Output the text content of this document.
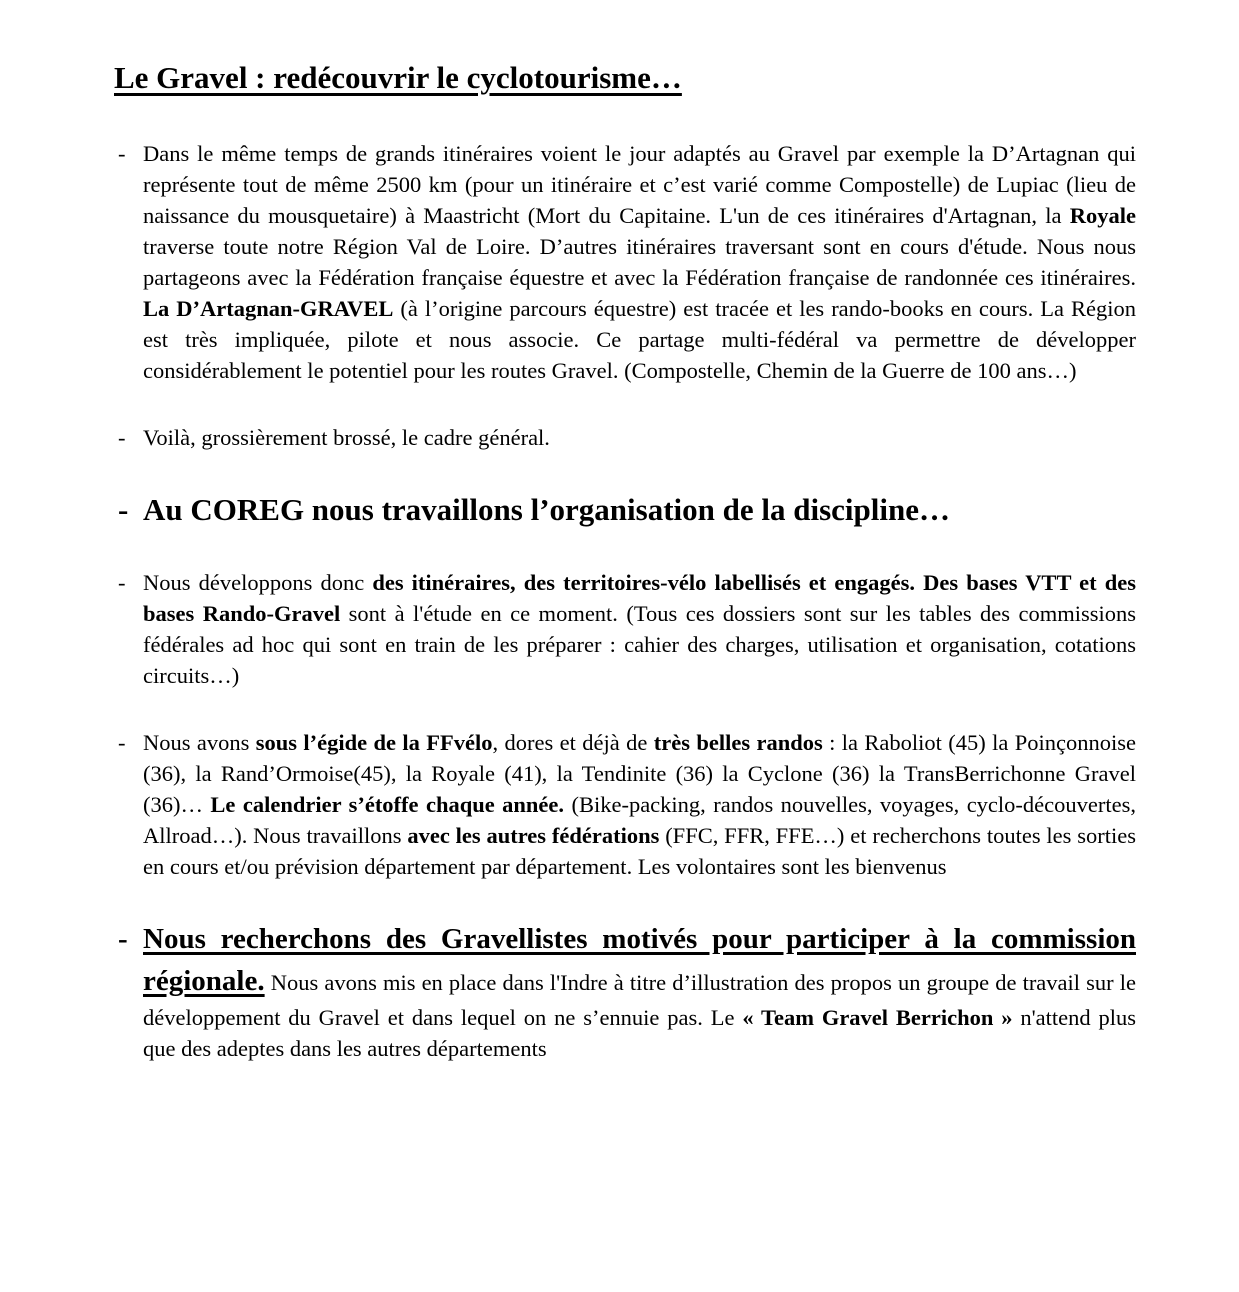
Le Gravel : redécouvrir le cyclotourisme…
- Dans le même temps de grands itinéraires voient le jour adaptés au Gravel par exemple la D’Artagnan qui représente tout de même 2500 km (pour un itinéraire et c’est varié comme Compostelle) de Lupiac (lieu de naissance du mousquetaire) à Maastricht (Mort du Capitaine. L'un de ces itinéraires d'Artagnan, la Royale traverse toute notre Région Val de Loire. D’autres itinéraires traversant sont en cours d'étude. Nous nous partageons avec la Fédération française équestre et avec la Fédération française de randonnée ces itinéraires. La D’Artagnan-GRAVEL (à l’origine parcours équestre) est tracée et les rando-books en cours. La Région est très impliquée, pilote et nous associe. Ce partage multi-fédéral va permettre de développer considérablement le potentiel pour les routes Gravel. (Compostelle, Chemin de la Guerre de 100 ans…)
- Voilà, grossièrement brossé, le cadre général.
- Au COREG nous travaillons l’organisation de la discipline…
- Nous développons donc des itinéraires, des territoires-vélo labellisés et engagés. Des bases VTT et des bases Rando-Gravel sont à l'étude en ce moment. (Tous ces dossiers sont sur les tables des commissions fédérales ad hoc qui sont en train de les préparer : cahier des charges, utilisation et organisation, cotations circuits…)
- Nous avons sous l’égide de la FFvélo, dores et déjà de très belles randos : la Raboliot (45) la Poinçonnoise (36), la Rand’Ormoise(45), la Royale (41), la Tendinite (36) la Cyclone (36) la TransBerrichonne Gravel (36)… Le calendrier s’étoffe chaque année. (Bike-packing, randos nouvelles, voyages, cyclo-découvertes, Allroad…). Nous travaillons avec les autres fédérations (FFC, FFR, FFE…) et recherchons toutes les sorties en cours et/ou prévision département par département. Les volontaires sont les bienvenus
- Nous recherchons des Gravellistes motivés pour participer à la commission régionale. Nous avons mis en place dans l'Indre à titre d’illustration des propos un groupe de travail sur le développement du Gravel et dans lequel on ne s’ennuie pas. Le « Team Gravel Berrichon » n'attend plus que des adeptes dans les autres départements
